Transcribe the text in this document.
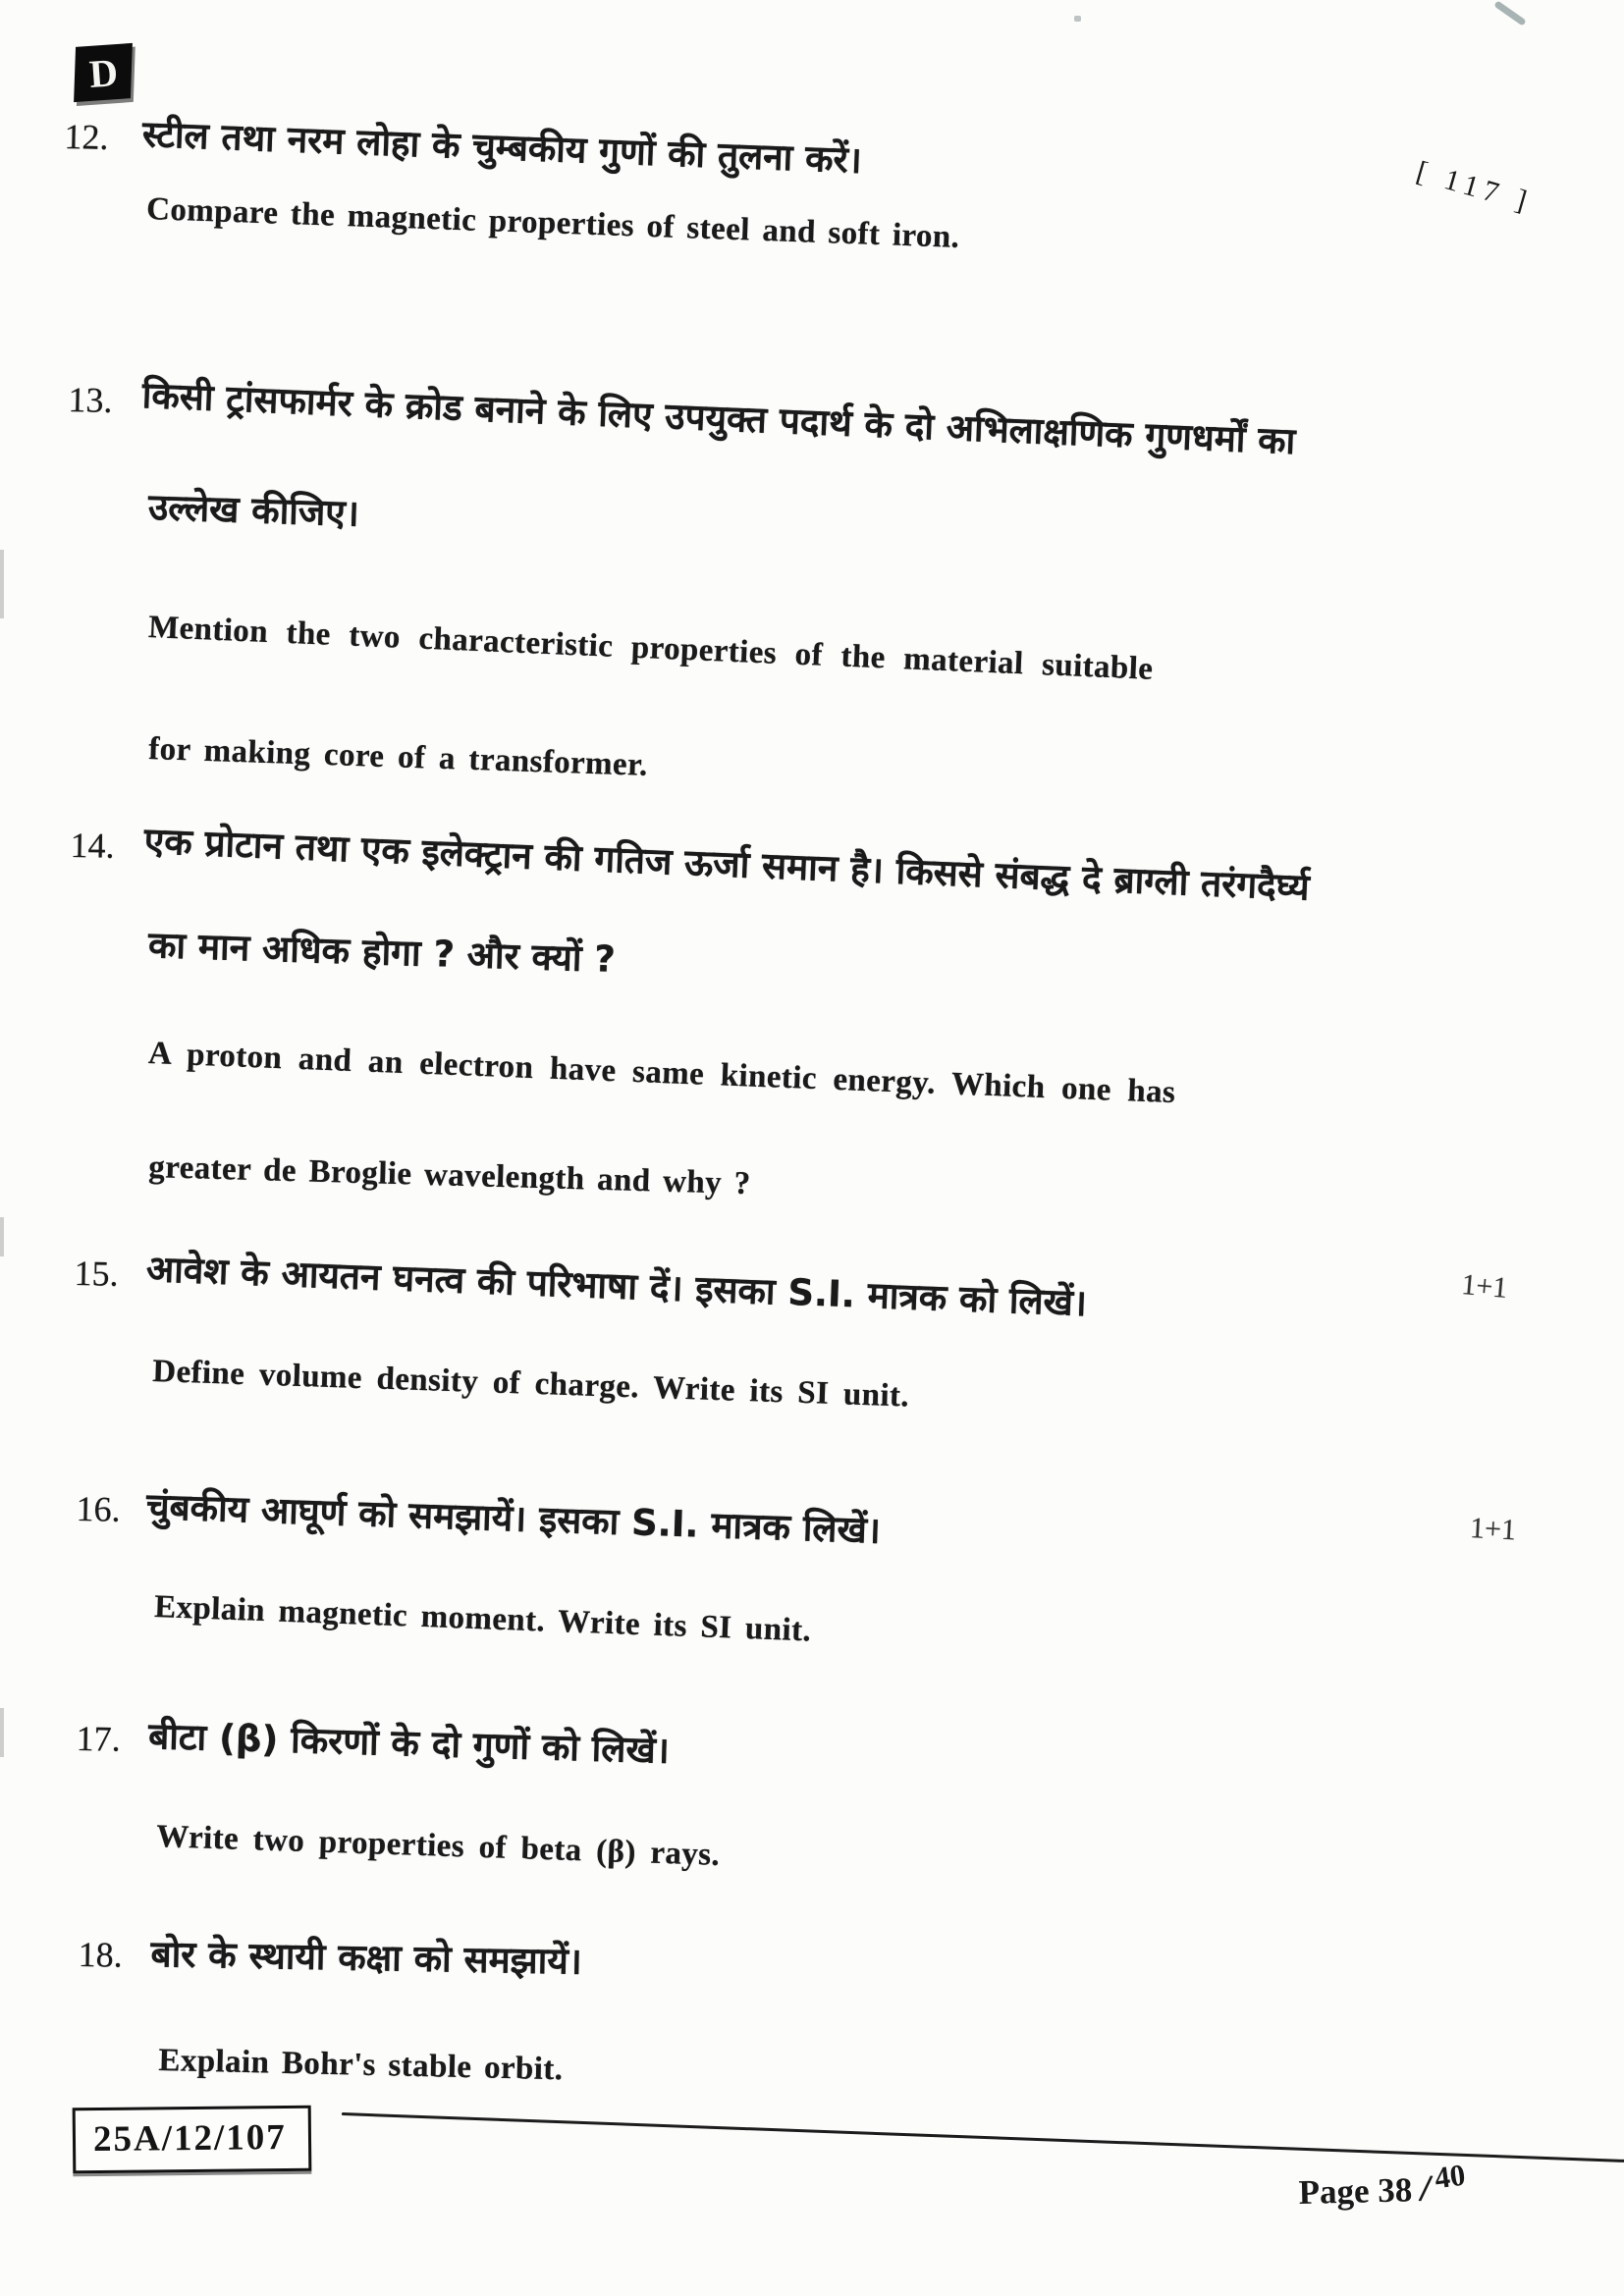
D
12. स्टील तथा नरम लोहा के चुम्बकीय गुणों की तुलना करें।
[ 117 ]
Compare the magnetic properties of steel and soft iron.
13. किसी ट्रांसफार्मर के क्रोड बनाने के लिए उपयुक्त पदार्थ के दो अभिलाक्षणिक गुणधर्मों का
उल्लेख कीजिए।
Mention the two characteristic properties of the material suitable
for making core of a transformer.
14. एक प्रोटान तथा एक इलेक्ट्रान की गतिज ऊर्जा समान है। किससे संबद्ध दे ब्राग्ली तरंगदैर्घ्य
का मान अधिक होगा ? और क्यों ?
A proton and an electron have same kinetic energy. Which one has
greater de Broglie wavelength and why ?
15. आवेश के आयतन घनत्व की परिभाषा दें। इसका S.I. मात्रक को लिखें।	1+1
Define volume density of charge. Write its SI unit.
16. चुंबकीय आघूर्ण को समझायें। इसका S.I. मात्रक लिखें।	1+1
Explain magnetic moment. Write its SI unit.
17. बीटा (β) किरणों के दो गुणों को लिखें।
Write two properties of beta (β) rays.
18. बोर के स्थायी कक्षा को समझायें।
Explain Bohr's stable orbit.
25A/12/107
Page 38 /40
